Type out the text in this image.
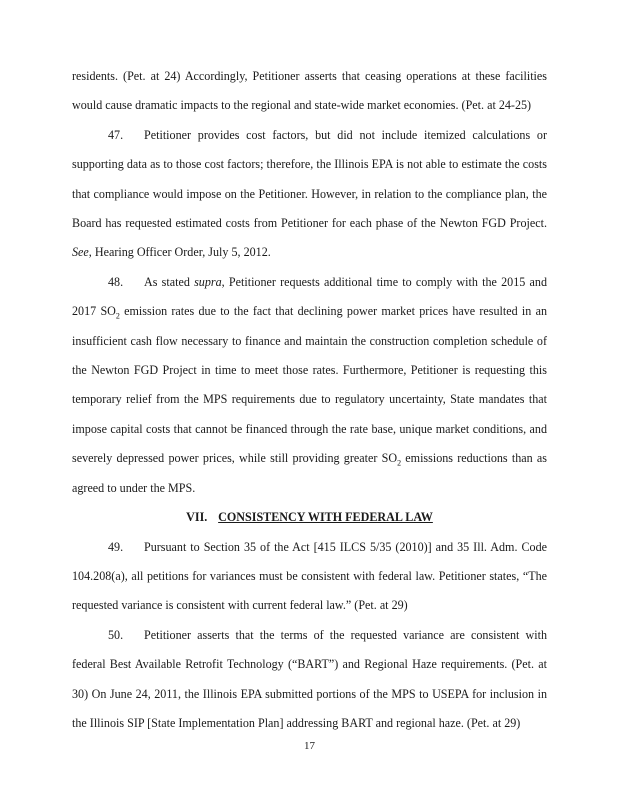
residents. (Pet. at 24) Accordingly, Petitioner asserts that ceasing operations at these facilities would cause dramatic impacts to the regional and state-wide market economies. (Pet. at 24-25)

47. Petitioner provides cost factors, but did not include itemized calculations or supporting data as to those cost factors; therefore, the Illinois EPA is not able to estimate the costs that compliance would impose on the Petitioner. However, in relation to the compliance plan, the Board has requested estimated costs from Petitioner for each phase of the Newton FGD Project. See, Hearing Officer Order, July 5, 2012.

48. As stated supra, Petitioner requests additional time to comply with the 2015 and 2017 $SO_2$ emission rates due to the fact that declining power market prices have resulted in an insufficient cash flow necessary to finance and maintain the construction completion schedule of the Newton FGD Project in time to meet those rates. Furthermore, Petitioner is requesting this temporary relief from the MPS requirements due to regulatory uncertainty, State mandates that impose capital costs that cannot be financed through the rate base, unique market conditions, and severely depressed power prices, while still providing greater $SO_2$ emissions reductions than as agreed to under the MPS.

VII. CONSISTENCY WITH FEDERAL LAW

49. Pursuant to Section 35 of the Act [415 ILCS 5/35 (2010)] and 35 Ill. Adm. Code 104.208(a), all petitions for variances must be consistent with federal law. Petitioner states, “The requested variance is consistent with current federal law.” (Pet. at 29)

50. Petitioner asserts that the terms of the requested variance are consistent with federal Best Available Retrofit Technology (“BART”) and Regional Haze requirements. (Pet. at 30) On June 24, 2011, the Illinois EPA submitted portions of the MPS to USEPA for inclusion in the Illinois SIP [State Implementation Plan] addressing BART and regional haze. (Pet. at 29)

17
